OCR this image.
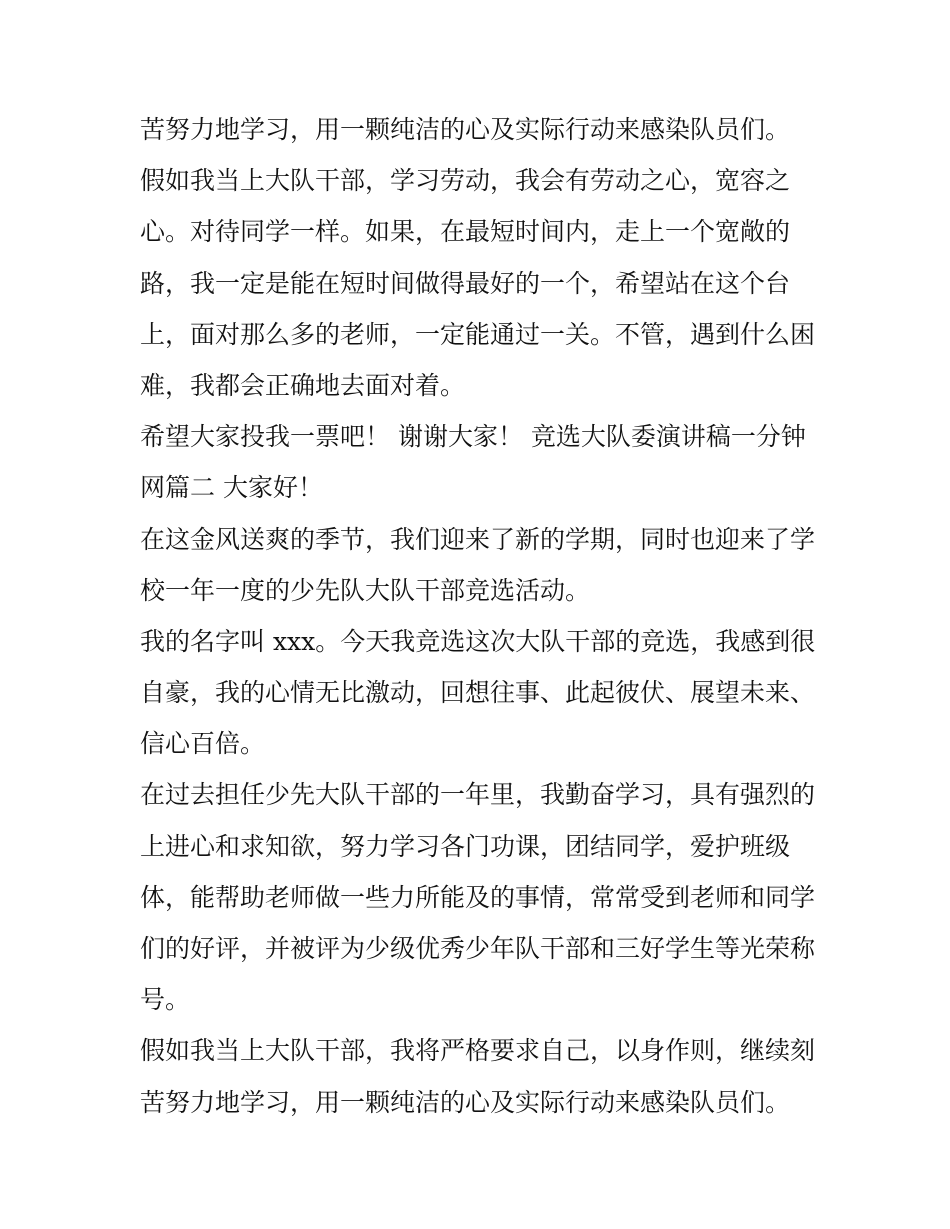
苦努力地学习，用一颗纯洁的心及实际行动来感染队员们。
假如我当上大队干部，学习劳动，我会有劳动之心，宽容之
心。对待同学一样。如果，在最短时间内，走上一个宽敞的
路，我一定是能在短时间做得最好的一个，希望站在这个台
上，面对那么多的老师，一定能通过一关。不管，遇到什么困
难，我都会正确地去面对着。
希望大家投我一票吧！ 谢谢大家！ 竞选大队委演讲稿一分钟
网篇二 大家好！
在这金风送爽的季节，我们迎来了新的学期，同时也迎来了学
校一年一度的少先队大队干部竞选活动。
我的名字叫 xxx。今天我竞选这次大队干部的竞选，我感到很
自豪，我的心情无比激动，回想往事、此起彼伏、展望未来、
信心百倍。
在过去担任少先大队干部的一年里，我勤奋学习，具有强烈的
上进心和求知欲，努力学习各门功课，团结同学，爱护班级
体，能帮助老师做一些力所能及的事情，常常受到老师和同学
们的好评，并被评为少级优秀少年队干部和三好学生等光荣称
号。
假如我当上大队干部，我将严格要求自己，以身作则，继续刻
苦努力地学习，用一颗纯洁的心及实际行动来感染队员们。
